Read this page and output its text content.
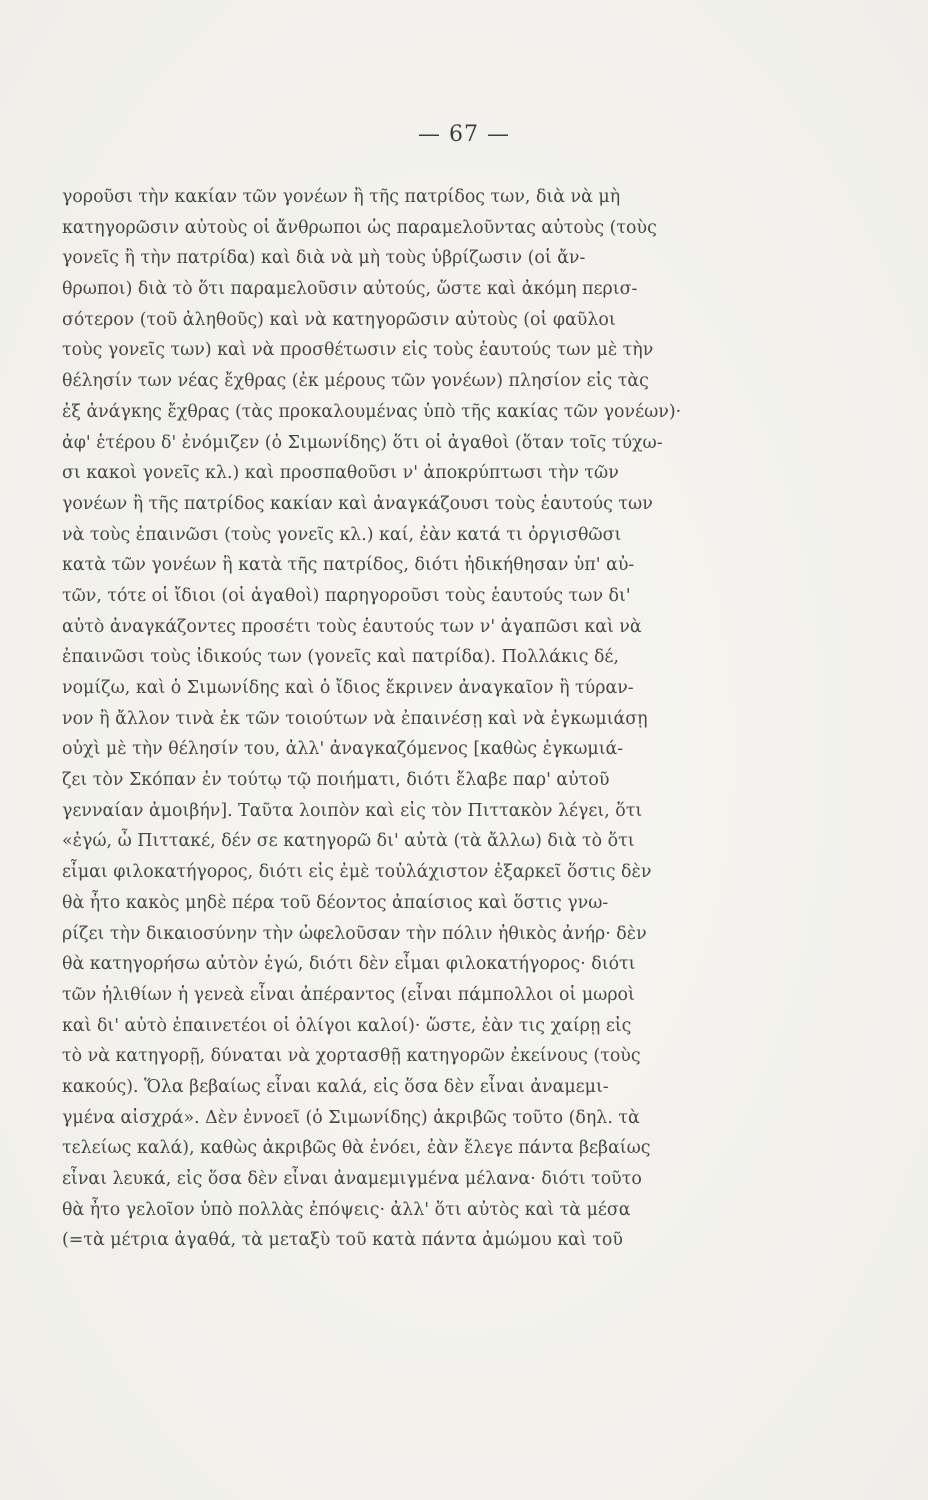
— 67 —
γοροῦσι τὴν κακίαν τῶν γονέων ἢ τῆς πατρίδος των, διὰ νὰ μὴ
κατηγορῶσιν αὐτοὺς οἱ ἄνθρωποι ὡς παραμελοῦντας αὐτοὺς (τοὺς
γονεῖς ἢ τὴν πατρίδα) καὶ διὰ νὰ μὴ τοὺς ὑβρίζωσιν (οἱ ἄν-
θρωποι) διὰ τὸ ὅτι παραμελοῦσιν αὐτούς, ὥστε καὶ ἀκόμη περισ-
σότερον (τοῦ ἀληθοῦς) καὶ νὰ κατηγορῶσιν αὐτοὺς (οἱ φαῦλοι
τοὺς γονεῖς των) καὶ νὰ προσθέτωσιν εἰς τοὺς ἑαυτούς των μὲ τὴν
θέλησίν των νέας ἔχθρας (ἐκ μέρους τῶν γονέων) πλησίον εἰς τὰς
ἐξ ἀνάγκης ἔχθρας (τὰς προκαλουμένας ὑπὸ τῆς κακίας τῶν γονέων)·
ἀφ' ἑτέρου δ' ἐνόμιζεν (ὁ Σιμωνίδης) ὅτι οἱ ἀγαθοὶ (ὅταν τοῖς τύχω-
σι κακοὶ γονεῖς κλ.) καὶ προσπαθοῦσι ν' ἀποκρύπτωσι τὴν τῶν
γονέων ἢ τῆς πατρίδος κακίαν καὶ ἀναγκάζουσι τοὺς ἑαυτούς των
νὰ τοὺς ἐπαινῶσι (τοὺς γονεῖς κλ.) καί, ἐὰν κατά τι ὀργισθῶσι
κατὰ τῶν γονέων ἢ κατὰ τῆς πατρίδος, διότι ἠδικήθησαν ὑπ' αὐ-
τῶν, τότε οἱ ἴδιοι (οἱ ἀγαθοὶ) παρηγοροῦσι τοὺς ἑαυτούς των δι'
αὐτὸ ἀναγκάζοντες προσέτι τοὺς ἑαυτούς των ν' ἀγαπῶσι καὶ νὰ
ἐπαινῶσι τοὺς ἰδικούς των (γονεῖς καὶ πατρίδα). Πολλάκις δέ,
νομίζω, καὶ ὁ Σιμωνίδης καὶ ὁ ἴδιος ἔκρινεν ἀναγκαῖον ἢ τύραν-
νον ἢ ἄλλον τινὰ ἐκ τῶν τοιούτων νὰ ἐπαινέσῃ καὶ νὰ ἐγκωμιάσῃ
οὐχὶ μὲ τὴν θέλησίν του, ἀλλ' ἀναγκαζόμενος [καθὼς ἐγκωμιά-
ζει τὸν Σκόπαν ἐν τούτῳ τῷ ποιήματι, διότι ἔλαβε παρ' αὐτοῦ
γενναίαν ἀμοιβήν]. Ταῦτα λοιπὸν καὶ εἰς τὸν Πιττακὸν λέγει, ὅτι
«ἐγώ, ὦ Πιττακέ, δέν σε κατηγορῶ δι' αὐτὰ (τὰ ἄλλω) διὰ τὸ ὅτι
εἶμαι φιλοκατήγορος, διότι εἰς ἐμὲ τοὐλάχιστον ἐξαρκεῖ ὅστις δὲν
θὰ ἦτο κακὸς μηδὲ πέρα τοῦ δέοντος ἀπαίσιος καὶ ὅστις γνω-
ρίζει τὴν δικαιοσύνην τὴν ὠφελοῦσαν τὴν πόλιν ἠθικὸς ἀνήρ· δὲν
θὰ κατηγορήσω αὐτὸν ἐγώ, διότι δὲν εἶμαι φιλοκατήγορος· διότι
τῶν ἠλιθίων ἡ γενεὰ εἶναι ἀπέραντος (εἶναι πάμπολλοι οἱ μωροὶ
καὶ δι' αὐτὸ ἐπαινετέοι οἱ ὀλίγοι καλοί)· ὥστε, ἐὰν τις χαίρῃ εἰς
τὸ νὰ κατηγορῇ, δύναται νὰ χορτασθῇ κατηγορῶν ἐκείνους (τοὺς
κακούς). Ὅλα βεβαίως εἶναι καλά, εἰς ὅσα δὲν εἶναι ἀναμεμι-
γμένα αἰσχρά». Δὲν ἐννοεῖ (ὁ Σιμωνίδης) ἀκριβῶς τοῦτο (δηλ. τὰ
τελείως καλά), καθὼς ἀκριβῶς θὰ ἐνόει, ἐὰν ἔλεγε πάντα βεβαίως
εἶναι λευκά, εἰς ὅσα δὲν εἶναι ἀναμεμιγμένα μέλανα· διότι τοῦτο
θὰ ἦτο γελοῖον ὑπὸ πολλὰς ἐπόψεις· ἀλλ' ὅτι αὐτὸς καὶ τὰ μέσα
(=τὰ μέτρια ἀγαθά, τὰ μεταξὺ τοῦ κατὰ πάντα ἀμώμου καὶ τοῦ
